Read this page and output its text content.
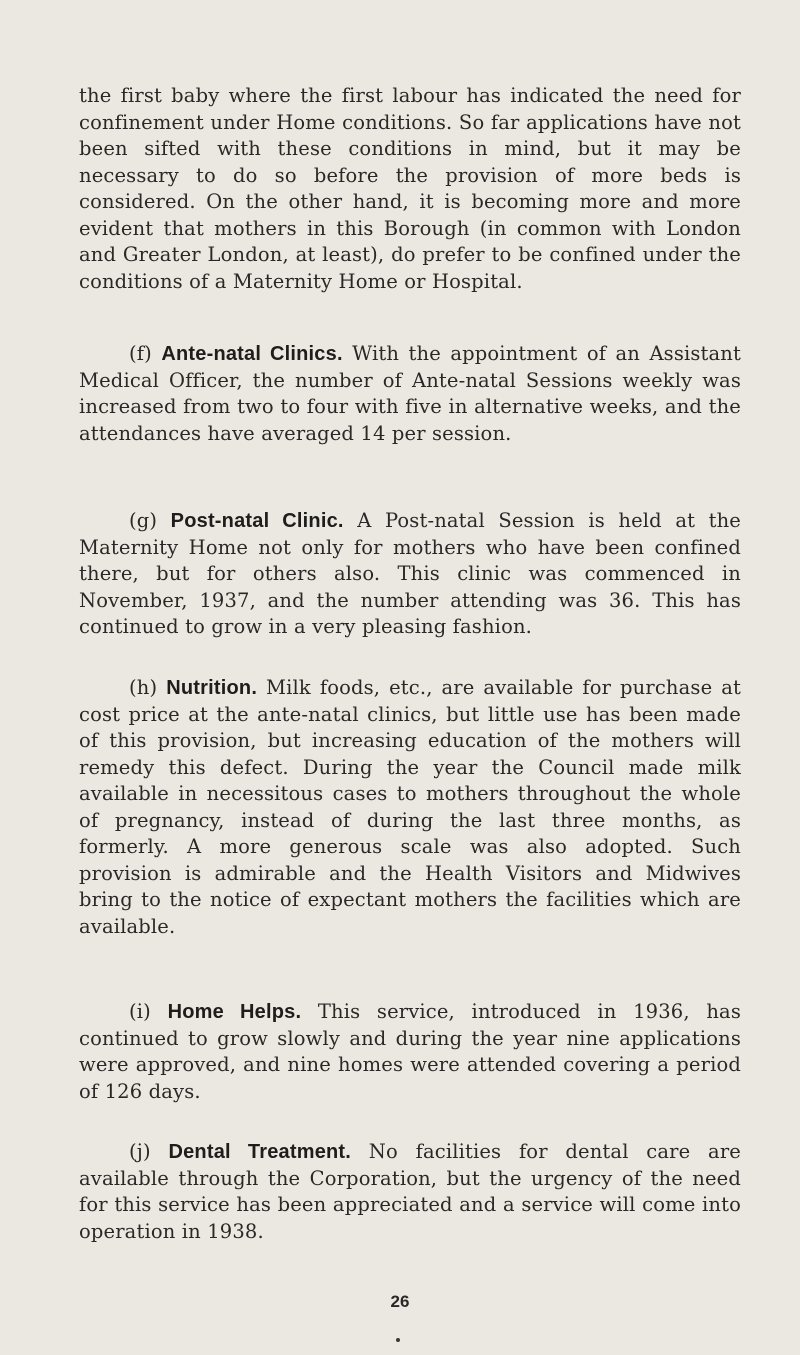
the first baby where the first labour has indicated the need for confinement under Home conditions. So far applications have not been sifted with these conditions in mind, but it may be necessary to do so before the provision of more beds is considered. On the other hand, it is becoming more and more evident that mothers in this Borough (in common with London and Greater London, at least), do prefer to be confined under the conditions of a Maternity Home or Hospital.

(f) Ante-natal Clinics. With the appointment of an Assistant Medical Officer, the number of Ante-natal Sessions weekly was increased from two to four with five in alternative weeks, and the attendances have averaged 14 per session.

(g) Post-natal Clinic. A Post-natal Session is held at the Maternity Home not only for mothers who have been confined there, but for others also. This clinic was commenced in November, 1937, and the number attending was 36. This has continued to grow in a very pleasing fashion.

(h) Nutrition. Milk foods, etc., are available for purchase at cost price at the ante-natal clinics, but little use has been made of this provision, but increasing education of the mothers will remedy this defect. During the year the Council made milk available in necessitous cases to mothers throughout the whole of pregnancy, instead of during the last three months, as formerly. A more generous scale was also adopted. Such provision is admirable and the Health Visitors and Midwives bring to the notice of expectant mothers the facilities which are available.

(i) Home Helps. This service, introduced in 1936, has continued to grow slowly and during the year nine applications were approved, and nine homes were attended covering a period of 126 days.

(j) Dental Treatment. No facilities for dental care are available through the Corporation, but the urgency of the need for this service has been appreciated and a service will come into operation in 1938.

26
